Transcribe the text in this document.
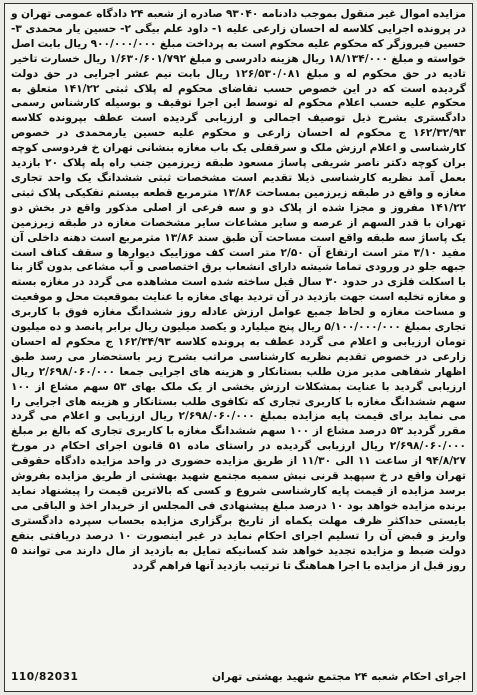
مزایده اموال غیر منقول بموجب دادنامه ۹۳۰۴۰ صادره از شعبه ۲۴ دادگاه عمومی تهران و در پرونده اجرایی کلاسه له احسان زارعی علیه ۱- داود علم بیگی ۲- حسین یار محمدی ۳- حسین فیروزگر که محکوم علیه محکوم است به پرداخت مبلغ ۹۰۰/۰۰۰/۰۰۰ ریال بابت اصل خواسته و مبلغ ۱۸/۱۳۴/۰۰۰ ریال هزینه دادرسی و مبلغ ۱/۶۳۰/۶۰۱/۷۹۲ ریال خسارت تاخیر تادیه در حق محکوم له و مبلغ ۱۲۶/۵۳۰/۰۸۱ ریال بابت نیم عشر اجرایی در حق دولت گردیده است که در این خصوص حسب تقاضای محکوم له پلاک ثبتی ۱۴۱/۲۲ متعلق به محکوم علیه حسب اعلام محکوم له توسط این اجرا توقیف و بوسیله کارشناس رسمی دادگستری بشرح ذیل توصیف اجمالی و ارزیابی گردیده است عطف بپرونده کلاسه ۱۶۲/۳۲/۹۳ ج محکوم له احسان زارعی و محکوم علیه حسین یارمحمدی در خصوص کارشناسی و اعلام ارزش ملک و سرقفلی یک باب مغازه بنشانی تهران خ فردوسی کوچه بران کوچه دکتر ناصر شریفی پاساژ مسعود طبقه زیرزمین جنب راه پله پلاک ۲۰ بازدید بعمل آمد نظریه کارشناسی ذیلا تقدیم است مشخصات ثبتی ششدانگ یک واحد تجاری مغازه و واقع در طبقه زیرزمین بمساحت ۱۳/۸۶ مترمربع قطعه بیستم تفکیکی پلاک ثبتی ۱۴۱/۲۲ مفروز و مجزا شده از پلاک دو و سه فرعی از اصلی مذکور واقع در بخش دو تهران با قدر السهم از عرصه و سایر مشاعات سایر مشخصات مغازه در طبقه زیرزمین یک پاساژ سه طبقه واقع است مساحت آن طبق سند ۱۳/۸۶ مترمربع است دهنه داخلی آن مفید ۳/۱۰ متر است ارتفاع آن ۲/۵۰ متر است کف موزاییک دیوارها و سقف کناف است جبهه جلو در ورودی تماما شیشه دارای انشعاب برق اختصاصی و آب مشاعی بدون گاز بنا با اسکلت فلزی در حدود ۳۰ سال قبل ساخته شده است مشاهده می گردد در مغازه بسته و مغازه تخلیه است جهت بازدید در آن تردید بهای مغازه با عنایت بموقعیت محل و موقعیت و مساحت مغازه و لحاظ جمیع عوامل ارزش عادله روز ششدانگ مغازه فوق با کاربری تجاری بمبلغ ۵/۱۰۰/۰۰۰/۰۰۰ ریال پنج میلیارد و یکصد میلیون ریال برابر پانصد و ده میلیون تومان ارزیابی و اعلام می گردد عطف به پرونده کلاسه ۱۶۲/۳۴/۹۳ ج محکوم له احسان زارعی در خصوص تقدیم نظریه کارشناسی مراتب بشرح زیر باستحضار می رسد طبق اظهار شفاهی مدیر مزن طلب بستانکار و هزینه های اجرایی جمعا ۲/۶۹۸/۰۶۰/۰۰۰ ریال ارزیابی گردید با عنایت بمشکلات ارزش بخشی از یک ملک بهای ۵۳ سهم مشاع از ۱۰۰ سهم ششدانگ مغازه با کاربری تجاری که تکافوی طلب بستانکار و هزینه های اجرایی را می نماید برای قیمت پایه مزایده بمبلغ ۲/۶۹۸/۰۶۰/۰۰۰ ریال ارزیابی و اعلام می گردد مقرر گردید ۵۳ درصد مشاع از ۱۰۰ سهم ششدانگ مغازه با کاربری تجاری که بالغ بر مبلغ ۲/۶۹۸/۰۶۰/۰۰۰ ریال ارزیابی گردیده در راستای ماده ۵۱ قانون اجرای احکام در مورخ ۹۴/۸/۲۷ از ساعت ۱۱ الی ۱۱/۳۰ از طریق مزایده حضوری در واحد مزایده دادگاه حقوقی تهران واقع در خ سپهبد قرنی نبش سمیه مجتمع شهید بهشتی از طریق مزایده بفروش برسد مزایده از قیمت پایه کارشناسی شروع و کسی که بالاترین قیمت را پیشنهاد نماید برنده مزایده خواهد بود ۱۰ درصد مبلغ پیشنهادی فی المجلس از خریدار اخذ و الباقی می بایستی حداکثر ظرف مهلت یکماه از تاریخ برگزاری مزایده بحساب سپرده دادگستری واریز و قبض آن را تسلیم اجرای احکام نماید در غیر اینصورت ۱۰ درصد دریافتی بنفع دولت ضبط و مزایده تجدید خواهد شد کسانیکه تمایل به بازدید از مال دارند می توانند ۵ روز قبل از مزایده با اجرا هماهنگ تا ترتیب بازدید آنها فراهم گردد
اجرای احکام شعبه ۲۴ مجتمع شهید بهشتی تهران
110/82031
